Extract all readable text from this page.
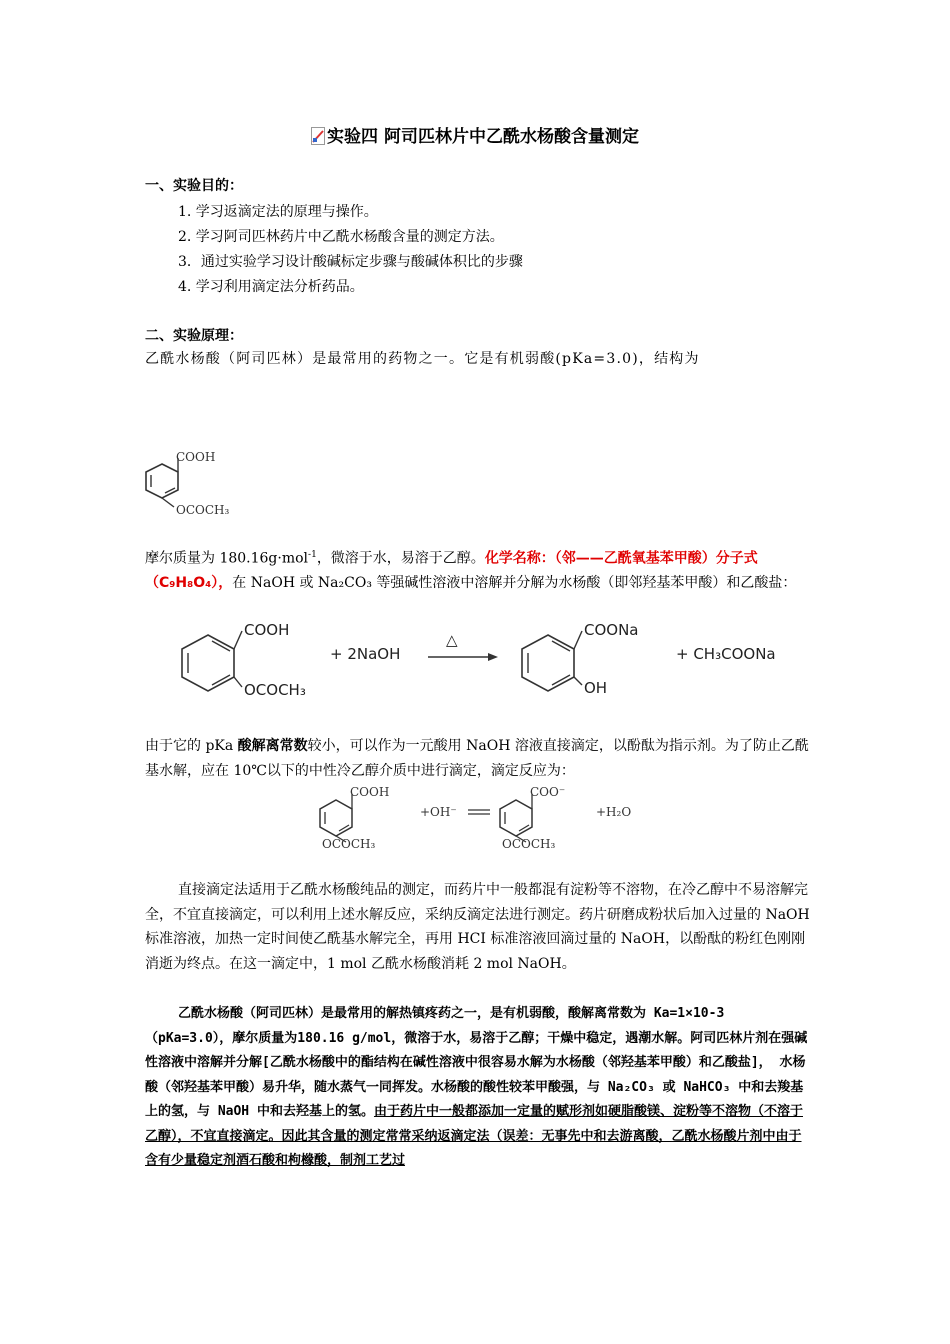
实验四 阿司匹林片中乙酰水杨酸含量测定
一、实验目的：
1. 学习返滴定法的原理与操作。
2. 学习阿司匹林药片中乙酰水杨酸含量的测定方法。
3．通过实验学习设计酸碱标定步骤与酸碱体积比的步骤
4. 学习利用滴定法分析药品。
二、实验原理：
乙酰水杨酸（阿司匹林）是最常用的药物之一。它是有机弱酸(pKa=3.0)，结构为
COOH
OCOCH₃
摩尔质量为 180.16g·mol$^{-1}$，微溶于水，易溶于乙醇。化学名称：（邻——乙酰氧基苯甲酸）分子式（C₉H₈O₄），在 NaOH 或 Na₂CO₃ 等强碱性溶液中溶解并分解为水杨酸（即邻羟基苯甲酸）和乙酸盐：
COOH
OCOCH₃
+ 2NaOH
△
COONa
OH
+ CH₃COONa
由于它的 pKa 酸解离常数较小，可以作为一元酸用 NaOH 溶液直接滴定，以酚酞为指示剂。为了防止乙酰基水解，应在 10℃以下的中性冷乙醇介质中进行滴定，滴定反应为：
COOH
OCOCH₃
+OH⁻
COO⁻
OCOCH₃
+H₂O
直接滴定法适用于乙酰水杨酸纯品的测定，而药片中一般都混有淀粉等不溶物，在冷乙醇中不易溶解完全，不宜直接滴定，可以利用上述水解反应，采纳反滴定法进行测定。药片研磨成粉状后加入过量的 NaOH 标准溶液，加热一定时间使乙酰基水解完全，再用 HCI 标准溶液回滴过量的 NaOH，以酚酞的粉红色刚刚消逝为终点。在这一滴定中，1 mol 乙酰水杨酸消耗 2 mol NaOH。
乙酰水杨酸（阿司匹林）是最常用的解热镇疼药之一，是有机弱酸，酸解离常数为 Ka=1×10-3（pKa=3.0），摩尔质量为180.16 g/mol，微溶于水，易溶于乙醇；干燥中稳定，遇潮水解。阿司匹林片剂在强碱性溶液中溶解并分解[乙酰水杨酸中的酯结构在碱性溶液中很容易水解为水杨酸（邻羟基苯甲酸）和乙酸盐]， 水杨酸（邻羟基苯甲酸）易升华，随水蒸气一同挥发。水杨酸的酸性较苯甲酸强，与 Na₂CO₃ 或 NaHCO₃ 中和去羧基上的氢，与 NaOH 中和去羟基上的氢。由于药片中一般都添加一定量的赋形剂如硬脂酸镁、淀粉等不溶物（不溶于乙醇），不宜直接滴定。因此其含量的测定常常采纳返滴定法（误差：无事先中和去游离酸，乙酰水杨酸片剂中由于含有少量稳定剂酒石酸和枸橼酸，制剂工艺过
